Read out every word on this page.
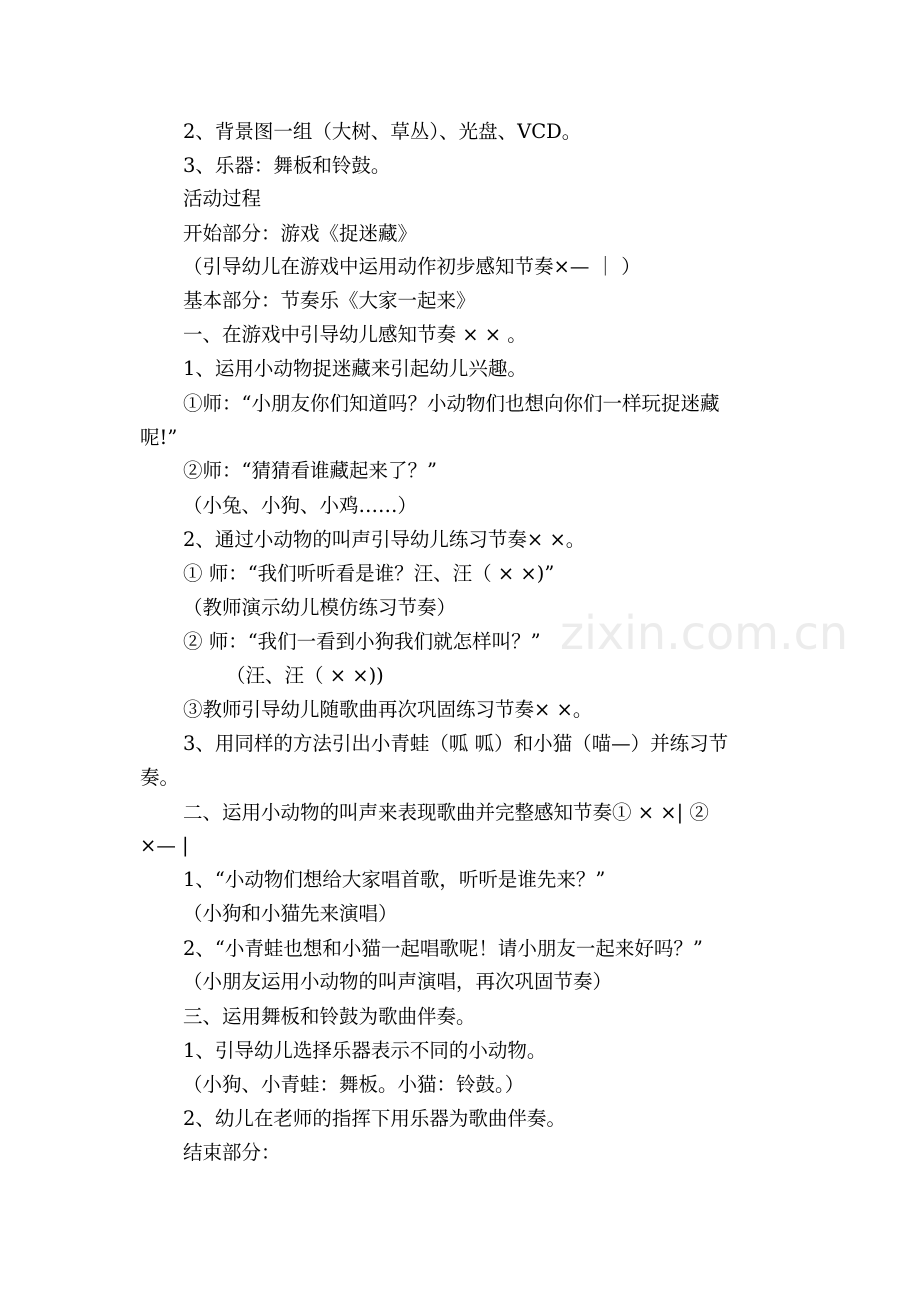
2、背景图一组（大树、草丛）、光盘、VCD。

3、乐器：舞板和铃鼓。

活动过程

开始部分：游戏《捉迷藏》

（引导幼儿在游戏中运用动作初步感知节奏×— ｜ ）

基本部分：节奏乐《大家一起来》

一、在游戏中引导幼儿感知节奏 × × 。

1、运用小动物捉迷藏来引起幼儿兴趣。

①师：“小朋友你们知道吗？小动物们也想向你们一样玩捉迷藏

呢!”

②师：“猜猜看谁藏起来了？”

（小兔、小狗、小鸡……）

2、通过小动物的叫声引导幼儿练习节奏× ×。

① 师：“我们听听看是谁？汪、汪（ × ×)”

（教师演示幼儿模仿练习节奏）

② 师：“我们一看到小狗我们就怎样叫？”

（汪、汪（ × ×))

③教师引导幼儿随歌曲再次巩固练习节奏× ×。

3、用同样的方法引出小青蛙（呱 呱）和小猫（喵—）并练习节

奏。

二、运用小动物的叫声来表现歌曲并完整感知节奏① × ×| ②

×— |

1、“小动物们想给大家唱首歌，听听是谁先来？”

（小狗和小猫先来演唱）

2、“小青蛙也想和小猫一起唱歌呢！请小朋友一起来好吗？”

（小朋友运用小动物的叫声演唱，再次巩固节奏）

三、运用舞板和铃鼓为歌曲伴奏。

1、引导幼儿选择乐器表示不同的小动物。

（小狗、小青蛙：舞板。小猫：铃鼓。）

2、幼儿在老师的指挥下用乐器为歌曲伴奏。

结束部分：

zixin.com.cn
